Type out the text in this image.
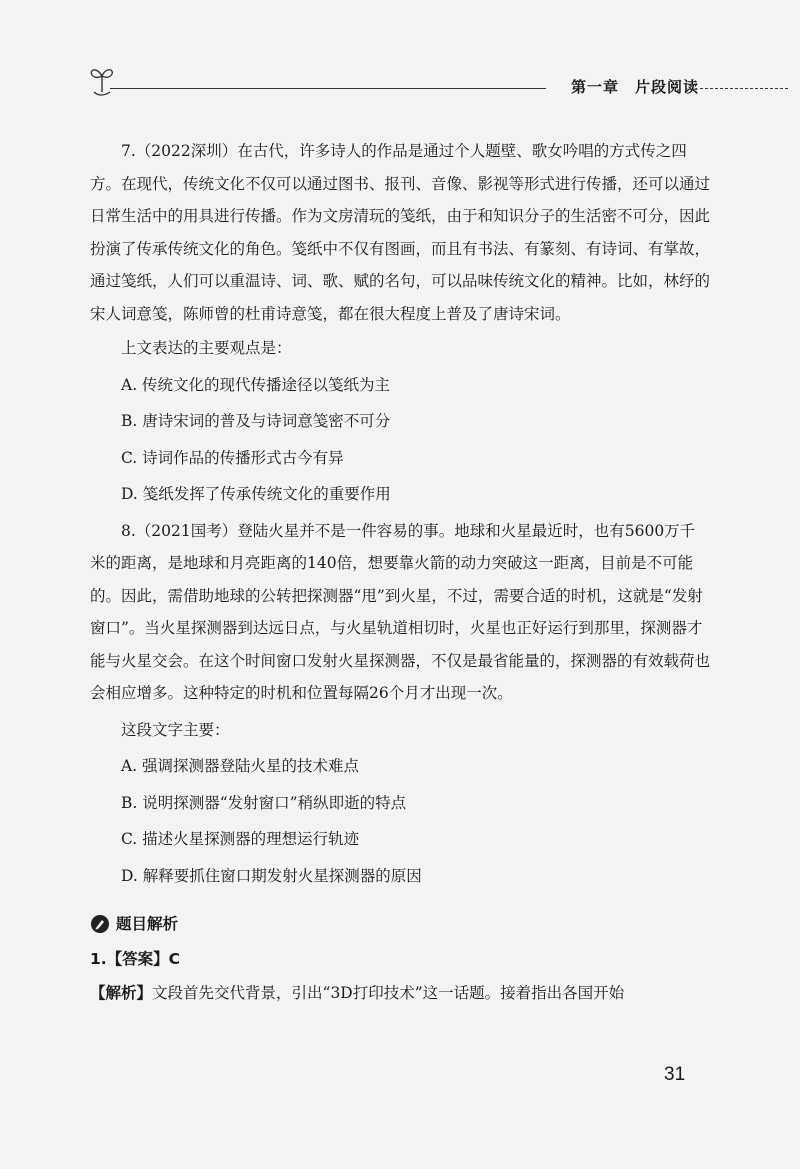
第一章　片段阅读

7.（2022深圳）在古代，许多诗人的作品是通过个人题壁、歌女吟唱的方式传之四方。在现代，传统文化不仅可以通过图书、报刊、音像、影视等形式进行传播，还可以通过日常生活中的用具进行传播。作为文房清玩的笺纸，由于和知识分子的生活密不可分，因此扮演了传承传统文化的角色。笺纸中不仅有图画，而且有书法、有篆刻、有诗词、有掌故，通过笺纸，人们可以重温诗、词、歌、赋的名句，可以品味传统文化的精神。比如，林纾的宋人词意笺，陈师曾的杜甫诗意笺，都在很大程度上普及了唐诗宋词。

上文表达的主要观点是：

A. 传统文化的现代传播途径以笺纸为主

B. 唐诗宋词的普及与诗词意笺密不可分

C. 诗词作品的传播形式古今有异

D. 笺纸发挥了传承传统文化的重要作用

8.（2021国考）登陆火星并不是一件容易的事。地球和火星最近时，也有5600万千米的距离，是地球和月亮距离的140倍，想要靠火箭的动力突破这一距离，目前是不可能的。因此，需借助地球的公转把探测器“甩”到火星，不过，需要合适的时机，这就是“发射窗口”。当火星探测器到达远日点，与火星轨道相切时，火星也正好运行到那里，探测器才能与火星交会。在这个时间窗口发射火星探测器，不仅是最省能量的，探测器的有效载荷也会相应增多。这种特定的时机和位置每隔26个月才出现一次。

这段文字主要：

A. 强调探测器登陆火星的技术难点

B. 说明探测器“发射窗口”稍纵即逝的特点

C. 描述火星探测器的理想运行轨迹

D. 解释要抓住窗口期发射火星探测器的原因

题目解析

1.【答案】C

【解析】文段首先交代背景，引出“3D打印技术”这一话题。接着指出各国开始

31
